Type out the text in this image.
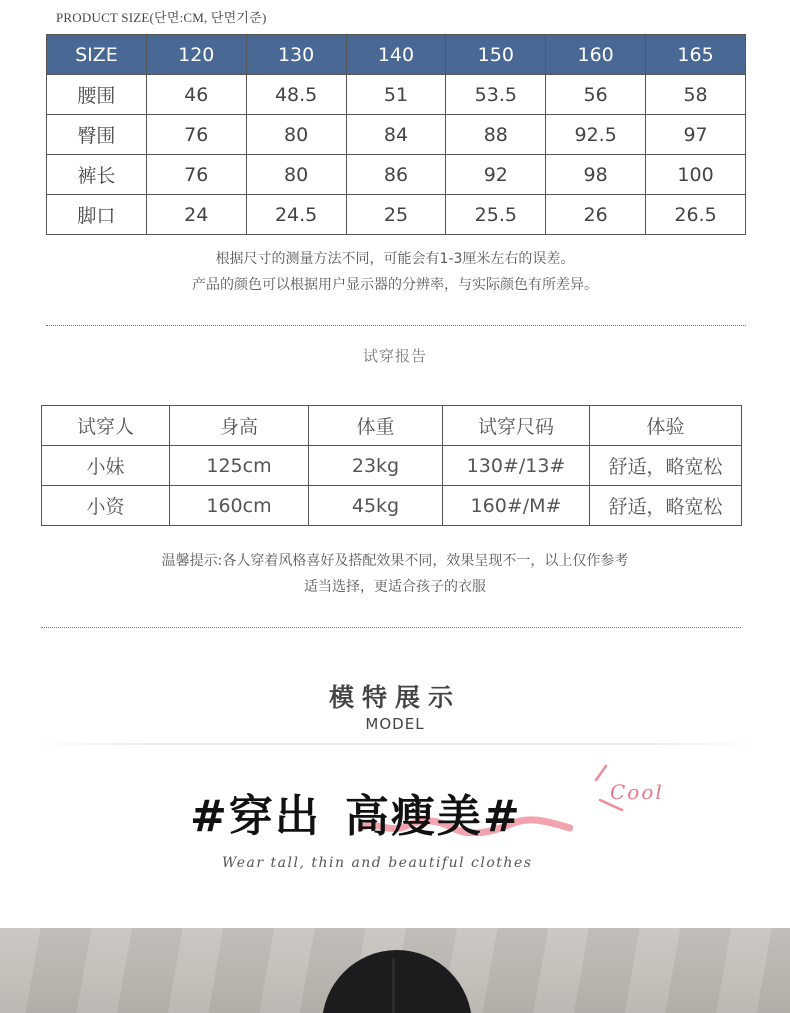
PRODUCT SIZE(단면:CM, 단면기준)
SIZE	120	130	140	150	160	165
腰围	46	48.5	51	53.5	56	58
臀围	76	80	84	88	92.5	97
裤长	76	80	86	92	98	100
脚口	24	24.5	25	25.5	26	26.5
根据尺寸的测量方法不同，可能会有1-3厘米左右的误差。
产品的颜色可以根据用户显示器的分辨率，与实际颜色有所差异。
试穿报告
试穿人	身高	体重	试穿尺码	体验
小妹	125cm	23kg	130#/13#	舒适，略宽松
小资	160cm	45kg	160#/M#	舒适，略宽松
温馨提示:各人穿着风格喜好及搭配效果不同，效果呈现不一，以上仅作参考
适当选择，更适合孩子的衣服
模特展示
MODEL
#穿出 高瘦美#	Cool
Wear tall, thin and beautiful clothes
